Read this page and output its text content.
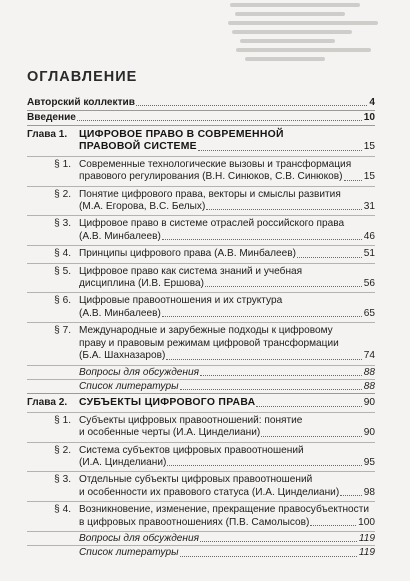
ОГЛАВЛЕНИЕ
Авторский коллектив	4
Введение	10
Глава 1.	ЦИФРОВОЕ ПРАВО В СОВРЕМЕННОЙ
ПРАВОВОЙ СИСТЕМЕ	15
§ 1. Современные технологические вызовы и трансформация
правового регулирования (В.Н. Синюков, С.В. Синюков) 15
§ 2. Понятие цифрового права, векторы и смыслы развития
(М.А. Егорова, В.С. Белых)	31
§ 3. Цифровое право в системе отраслей российского права
(А.В. Минбалеев)	46
§ 4. Принципы цифрового права (А.В. Минбалеев)	51
§ 5. Цифровое право как система знаний и учебная
дисциплина (И.В. Ершова)	56
§ 6. Цифровые правоотношения и их структура
(А.В. Минбалеев)	65
§ 7. Международные и зарубежные подходы к цифровому
праву и правовым режимам цифровой трансформации
(Б.А. Шахназаров)	74
Вопросы для обсуждения	88
Список литературы	88
Глава 2.	СУБЪЕКТЫ ЦИФРОВОГО ПРАВА	90
§ 1. Субъекты цифровых правоотношений: понятие
и особенные черты (И.А. Цинделиани)	90
§ 2. Система субъектов цифровых правоотношений
(И.А. Цинделиани)	95
§ 3. Отдельные субъекты цифровых правоотношений
и особенности их правового статуса (И.А. Цинделиани) 98
§ 4. Возникновение, изменение, прекращение правосубъектности
в цифровых правоотношениях (П.В. Самолысов)	100
Вопросы для обсуждения	119
Список литературы	119
